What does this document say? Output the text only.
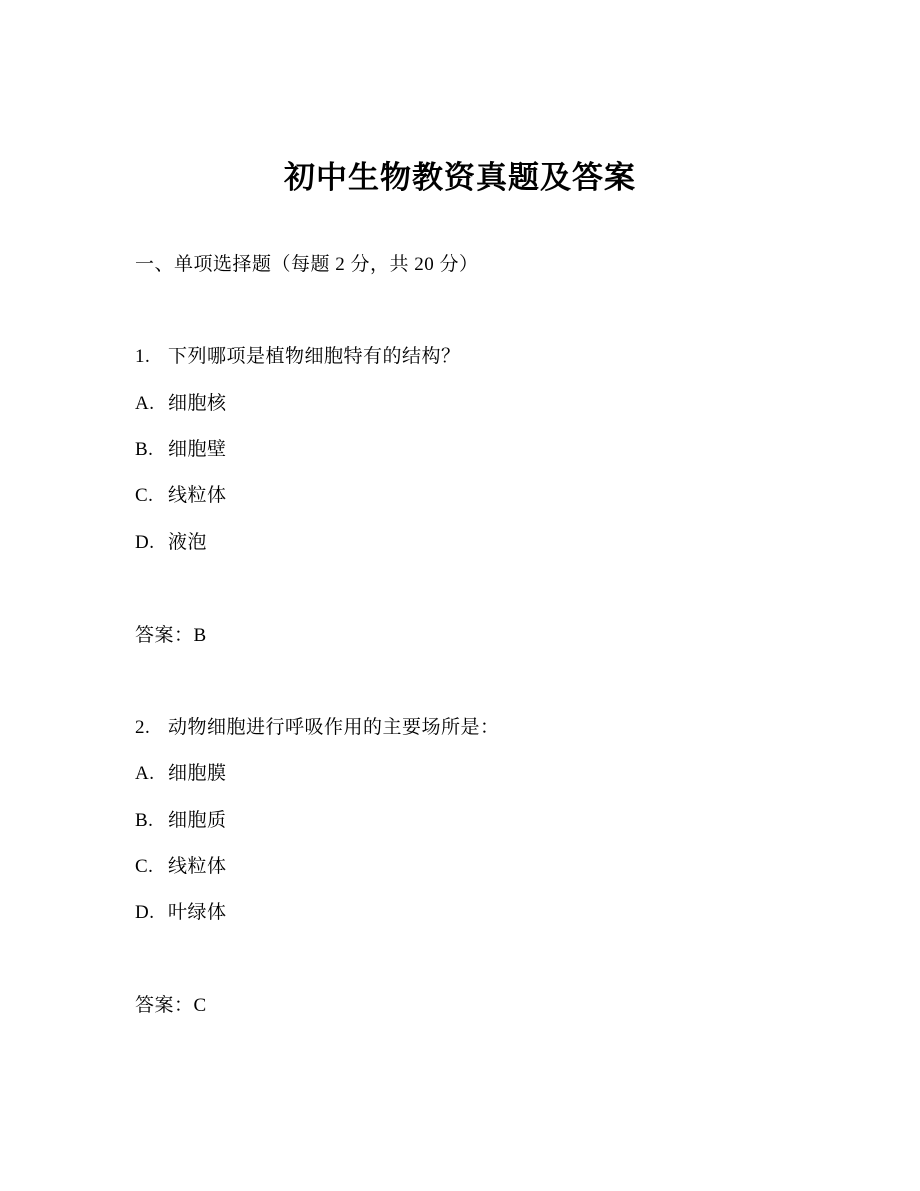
初中生物教资真题及答案
一、单项选择题（每题 2 分，共 20 分）
1. 下列哪项是植物细胞特有的结构？
A. 细胞核
B. 细胞壁
C. 线粒体
D. 液泡
答案：B
2. 动物细胞进行呼吸作用的主要场所是：
A. 细胞膜
B. 细胞质
C. 线粒体
D. 叶绿体
答案：C
